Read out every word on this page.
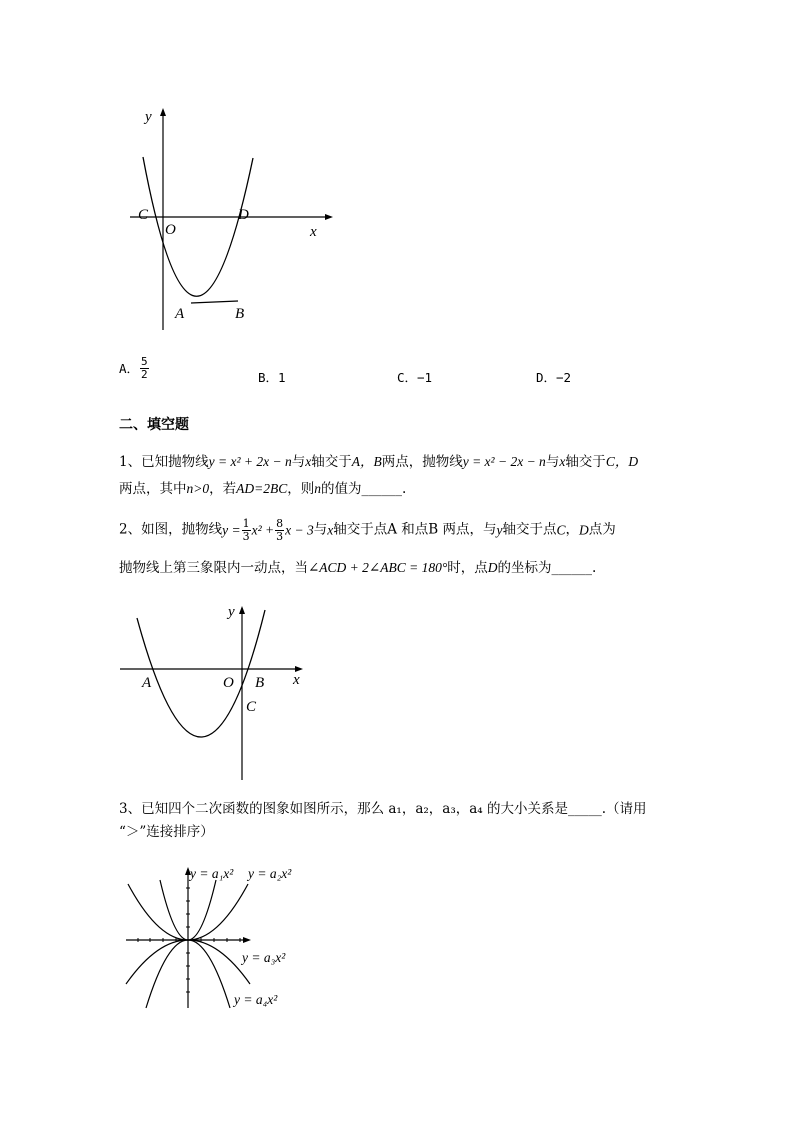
y
x
O
C	D
A	B
A． $\frac{5}{2}$	B．1	C．−1	D．−2
二、填空题
1、已知抛物线y = x² + 2x − n与x轴交于A，B两点，抛物线y = x² − 2x − n与x轴交于C，D
两点，其中n>0，若AD=2BC，则n的值为______.
2、如图，抛物线$y = \frac{1}{3} x^2 + \frac{8}{3}$ x − 3与x轴交于点A 和点B 两点，与y轴交于点C，D点为
抛物线上第三象限内一动点，当∠ACD + 2∠ABC = 180°时，点D的坐标为______.
y
x
A	O B
C
3、已知四个二次函数的图象如图所示，那么 a₁，a₂，a₃，a₄ 的大小关系是_____.（请用
“＞”连接排序）
y = a₁x² y = a₂x²
y = a₃x²
y = a₄x²
